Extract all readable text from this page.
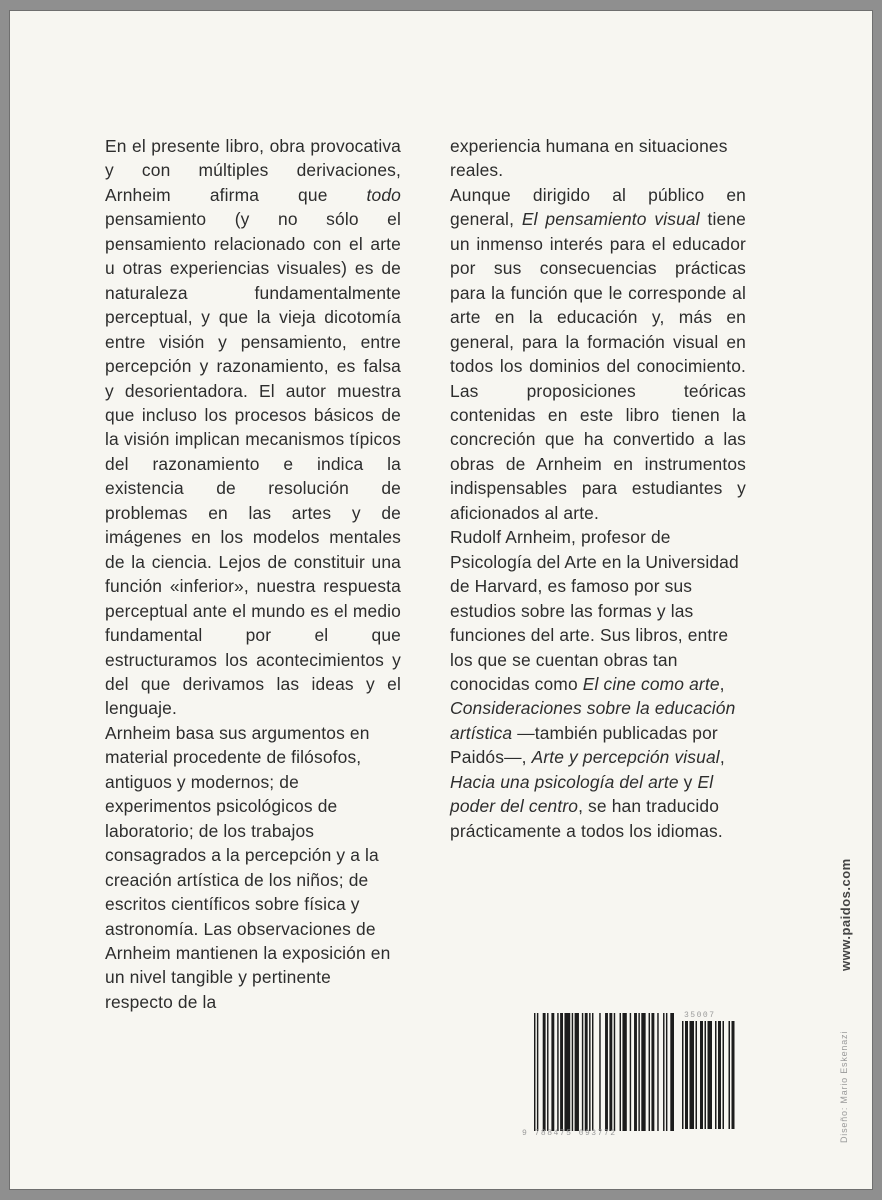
En el presente libro, obra provocativa y con múltiples derivaciones, Arnheim afirma que todo pensamiento (y no sólo el pensamiento relacionado con el arte u otras experiencias visuales) es de naturaleza fundamentalmente perceptual, y que la vieja dicotomía entre visión y pensamiento, entre percepción y razonamiento, es falsa y desorientadora. El autor muestra que incluso los procesos básicos de la visión implican mecanismos típicos del razonamiento e indica la existencia de resolución de problemas en las artes y de imágenes en los modelos mentales de la ciencia. Lejos de constituir una función «inferior», nuestra respuesta perceptual ante el mundo es el medio fundamental por el que estructuramos los acontecimientos y del que derivamos las ideas y el lenguaje.

Arnheim basa sus argumentos en material procedente de filósofos, antiguos y modernos; de experimentos psicológicos de laboratorio; de los trabajos consagrados a la percepción y a la creación artística de los niños; de escritos científicos sobre física y astronomía. Las observaciones de Arnheim mantienen la exposición en un nivel tangible y pertinente respecto de la

experiencia humana en situaciones reales.

Aunque dirigido al público en general, El pensamiento visual tiene un inmenso interés para el educador por sus consecuencias prácticas para la función que le corresponde al arte en la educación y, más en general, para la formación visual en todos los dominios del conocimiento. Las proposiciones teóricas contenidas en este libro tienen la concreción que ha convertido a las obras de Arnheim en instrumentos indispensables para estudiantes y aficionados al arte.

Rudolf Arnheim, profesor de Psicología del Arte en la Universidad de Harvard, es famoso por sus estudios sobre las formas y las funciones del arte. Sus libros, entre los que se cuentan obras tan conocidas como El cine como arte, Consideraciones sobre la educación artística —también publicadas por Paidós—, Arte y percepción visual, Hacia una psicología del arte y El poder del centro, se han traducido prácticamente a todos los idiomas.

9 788475 093772
35007
www.paidos.com
Diseño: Mario Eskenazi
